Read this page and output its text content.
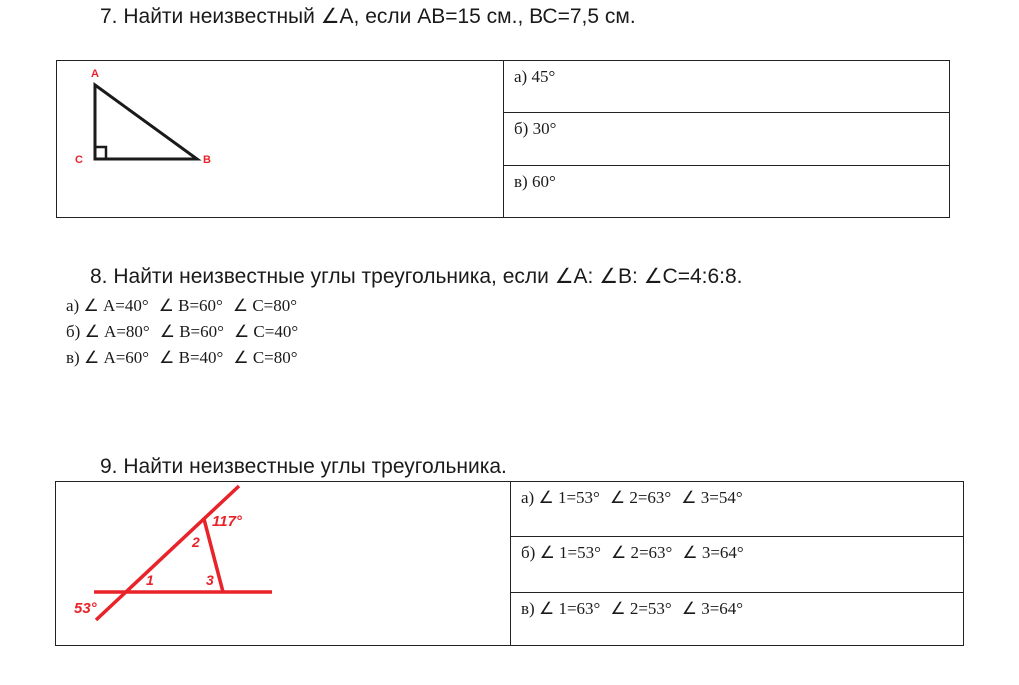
7. Найти неизвестный ∠А, если АВ=15 см., ВС=7,5 см.
A
C	B

а) 45°

б) 30°

в) 60°
8. Найти неизвестные углы треугольника, если ∠А: ∠В: ∠С=4:6:8.
а) ∠ А=40° ∠ В=60° ∠ С=80°
б) ∠ А=80° ∠ В=60° ∠ С=40°
в) ∠ А=60° ∠ В=40° ∠ С=80°
9. Найти неизвестные углы треугольника.
117°
53°
1
2
3

а) ∠ 1=53° ∠ 2=63° ∠ 3=54°

б) ∠ 1=53° ∠ 2=63° ∠ 3=64°

в) ∠ 1=63° ∠ 2=53° ∠ 3=64°
